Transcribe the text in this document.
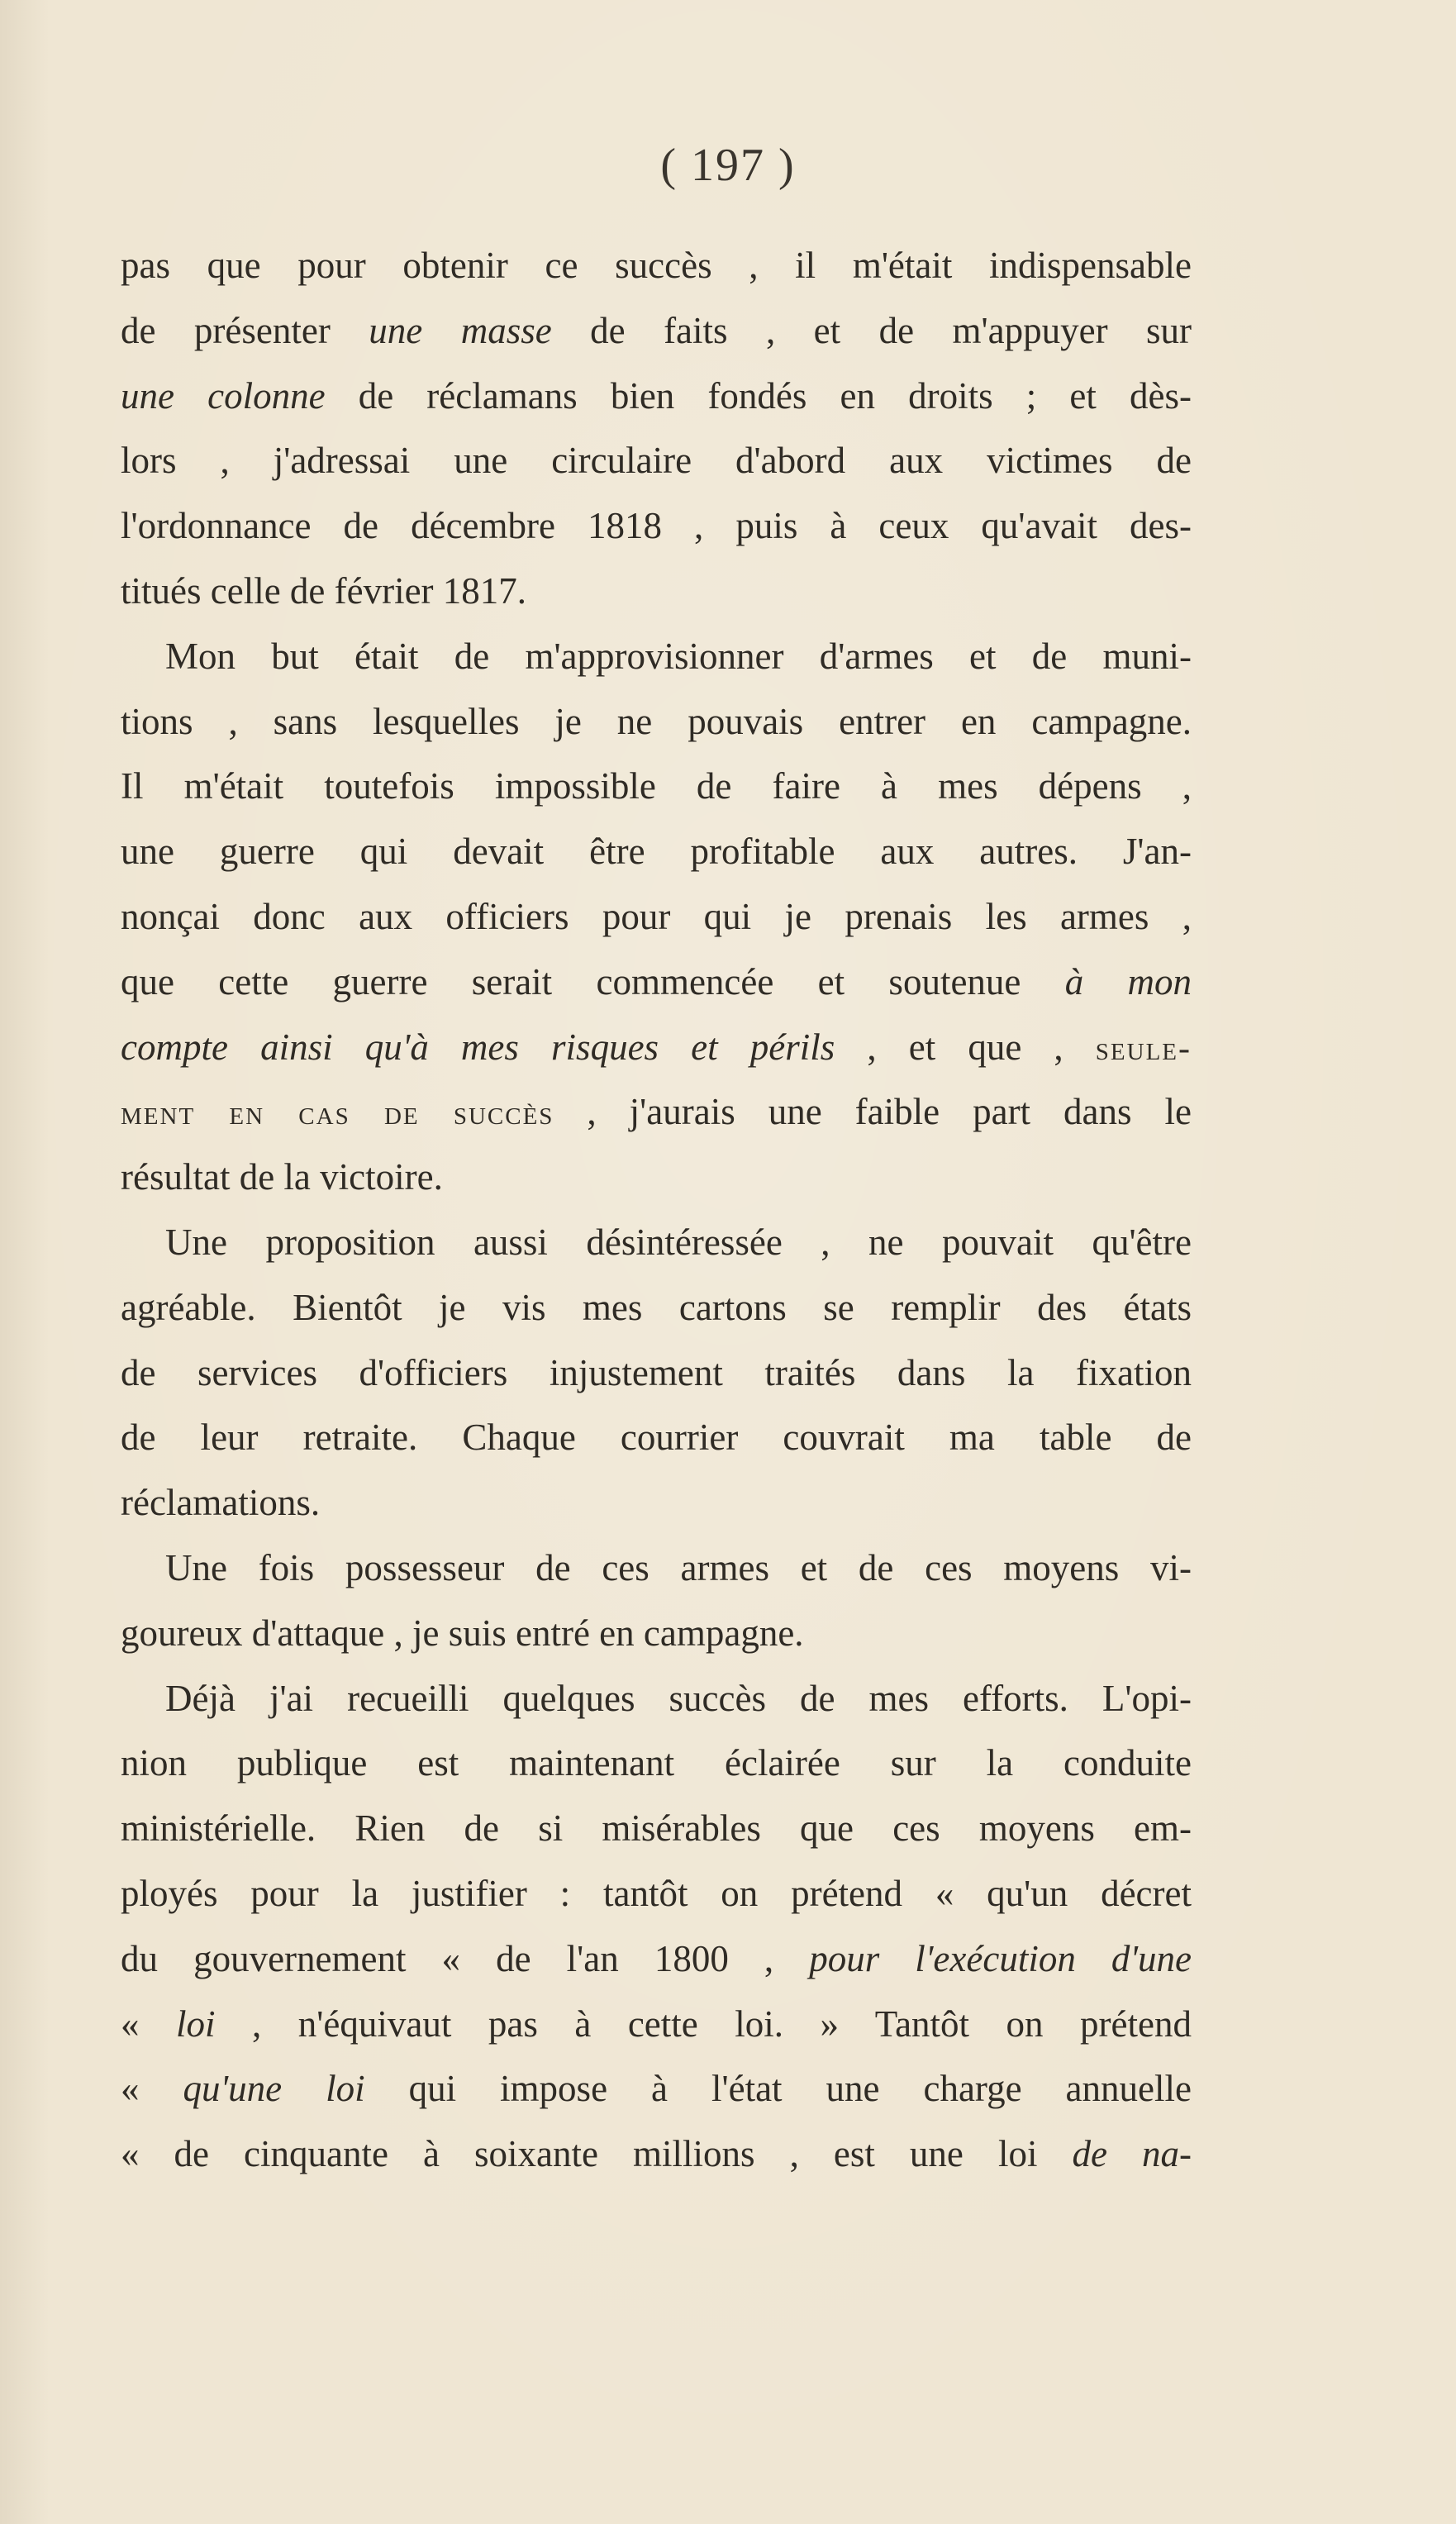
( 197 )
pas que pour obtenir ce succès , il m'était indispensable
de présenter une masse de faits , et de m'appuyer sur
une colonne de réclamans bien fondés en droits ; et dès-
lors , j'adressai une circulaire d'abord aux victimes de
l'ordonnance de décembre 1818 , puis à ceux qu'avait des-
titués celle de février 1817.
Mon but était de m'approvisionner d'armes et de muni-
tions , sans lesquelles je ne pouvais entrer en campagne.
Il m'était toutefois impossible de faire à mes dépens ,
une guerre qui devait être profitable aux autres. J'an-
nonçai donc aux officiers pour qui je prenais les armes ,
que cette guerre serait commencée et soutenue à mon
compte ainsi qu'à mes risques et périls , et que , seule-
ment en cas de succès , j'aurais une faible part dans le
résultat de la victoire.
Une proposition aussi désintéressée , ne pouvait qu'être
agréable. Bientôt je vis mes cartons se remplir des états
de services d'officiers injustement traités dans la fixation
de leur retraite. Chaque courrier couvrait ma table de
réclamations.
Une fois possesseur de ces armes et de ces moyens vi-
goureux d'attaque , je suis entré en campagne.
Déjà j'ai recueilli quelques succès de mes efforts. L'opi-
nion publique est maintenant éclairée sur la conduite
ministérielle. Rien de si misérables que ces moyens em-
ployés pour la justifier : tantôt on prétend « qu'un décret
du gouvernement « de l'an 1800 , pour l'exécution d'une
« loi , n'équivaut pas à cette loi. » Tantôt on prétend
« qu'une loi qui impose à l'état une charge annuelle
« de cinquante à soixante millions , est une loi de na-
